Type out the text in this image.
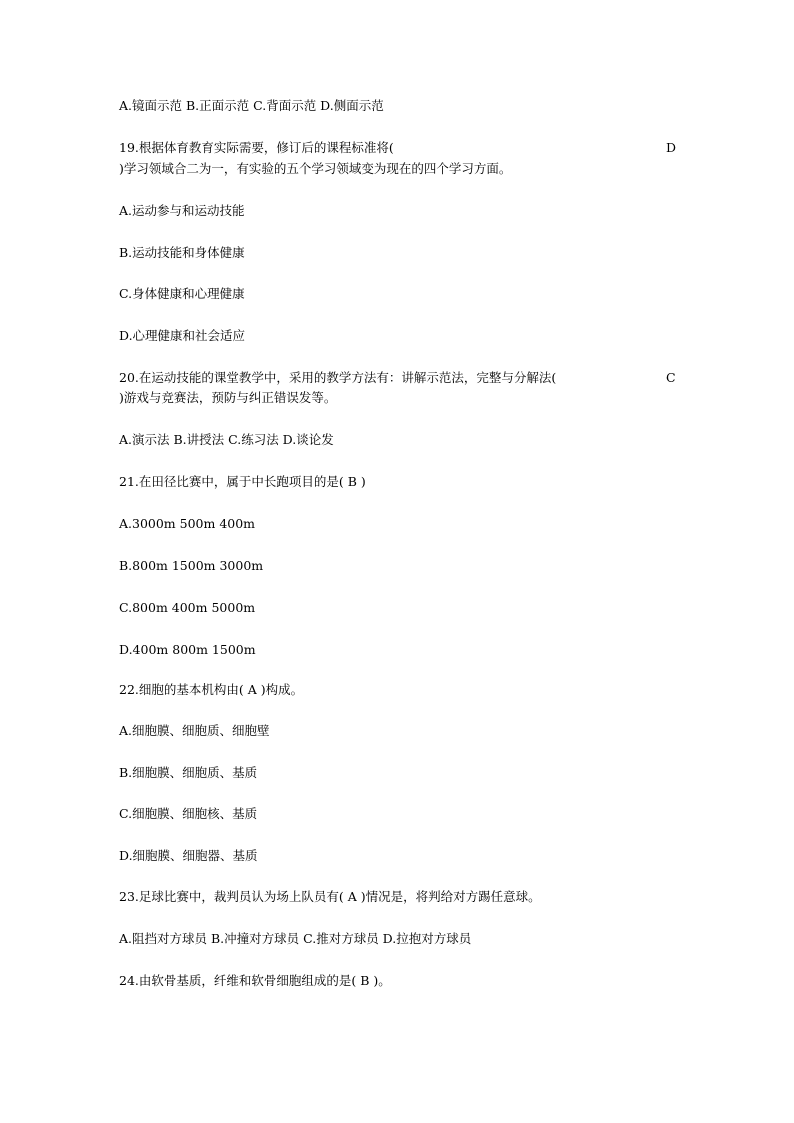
A.镜面示范 B.正面示范 C.背面示范 D.侧面示范
19.根据体育教育实际需要，修订后的课程标准将(	D
)学习领域合二为一，有实验的五个学习领域变为现在的四个学习方面。
A.运动参与和运动技能
B.运动技能和身体健康
C.身体健康和心理健康
D.心理健康和社会适应
20.在运动技能的课堂教学中，采用的教学方法有：讲解示范法，完整与分解法(	C
)游戏与竞赛法，预防与纠正错误发等。
A.演示法 B.讲授法 C.练习法 D.谈论发
21.在田径比赛中，属于中长跑项目的是( B )
A.3000m 500m 400m
B.800m 1500m 3000m
C.800m 400m 5000m
D.400m 800m 1500m
22.细胞的基本机构由( A )构成。
A.细胞膜、细胞质、细胞壁
B.细胞膜、细胞质、基质
C.细胞膜、细胞核、基质
D.细胞膜、细胞器、基质
23.足球比赛中，裁判员认为场上队员有( A )情况是，将判给对方踢任意球。
A.阻挡对方球员 B.冲撞对方球员 C.推对方球员 D.拉抱对方球员
24.由软骨基质，纤维和软骨细胞组成的是( B )。
